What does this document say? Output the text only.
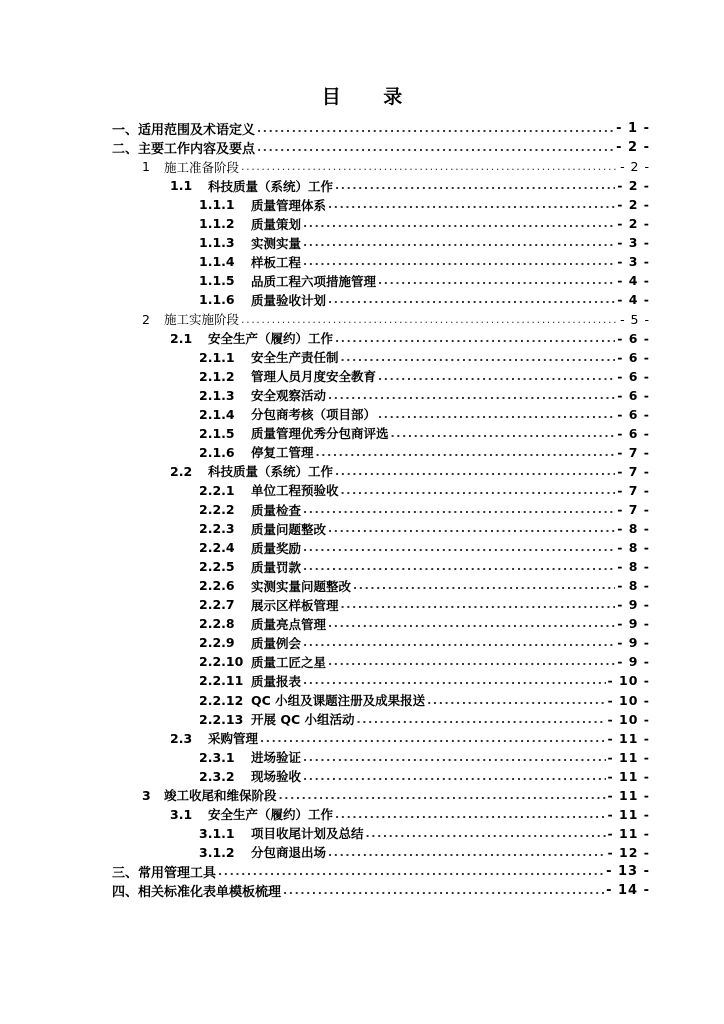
目 录
一、 适用范围及术语定义 .....	- 1 -
二、 主要工作内容及要点 .....	- 2 -
1	施工准备阶段 .....	- 2 -
1.1	科技质量（系统）工作 .....	- 2 -
1.1.1	质量管理体系 .....	- 2 -
1.1.2	质量策划 .....	- 2 -
1.1.3	实测实量 .....	- 3 -
1.1.4	样板工程 .....	- 3 -
1.1.5	品质工程六项措施管理 .....	- 4 -
1.1.6	质量验收计划 .....	- 4 -
2	施工实施阶段 .....	- 5 -
2.1	安全生产（履约）工作 .....	- 6 -
2.1.1	安全生产责任制 .....	- 6 -
2.1.2	管理人员月度安全教育 .....	- 6 -
2.1.3	安全观察活动 .....	- 6 -
2.1.4	分包商考核（项目部） .....	- 6 -
2.1.5	质量管理优秀分包商评选 .....	- 6 -
2.1.6	停复工管理 .....	- 7 -
2.2	科技质量（系统）工作 .....	- 7 -
2.2.1	单位工程预验收 .....	- 7 -
2.2.2	质量检查 .....	- 7 -
2.2.3	质量问题整改 .....	- 8 -
2.2.4	质量奖励 .....	- 8 -
2.2.5	质量罚款 .....	- 8 -
2.2.6	实测实量问题整改 .....	- 8 -
2.2.7	展示区样板管理 .....	- 9 -
2.2.8	质量亮点管理 .....	- 9 -
2.2.9	质量例会 .....	- 9 -
2.2.10 质量工匠之星 .....	- 9 -
2.2.11 质量报表 .....	- 10 -
2.2.12 QC 小组及课题注册及成果报送 .....	- 10 -
2.2.13 开展 QC 小组活动 .....	- 10 -
2.3	采购管理 .....	- 11 -
2.3.1	进场验证 .....	- 11 -
2.3.2	现场验收 .....	- 11 -
3	竣工收尾和维保阶段 .....	- 11 -
3.1	安全生产（履约）工作 .....	- 11 -
3.1.1	项目收尾计划及总结 .....	- 11 -
3.1.2	分包商退出场 .....	- 12 -
三、 常用管理工具 .....	- 13 -
四、 相关标准化表单模板梳理 .....	- 14 -
